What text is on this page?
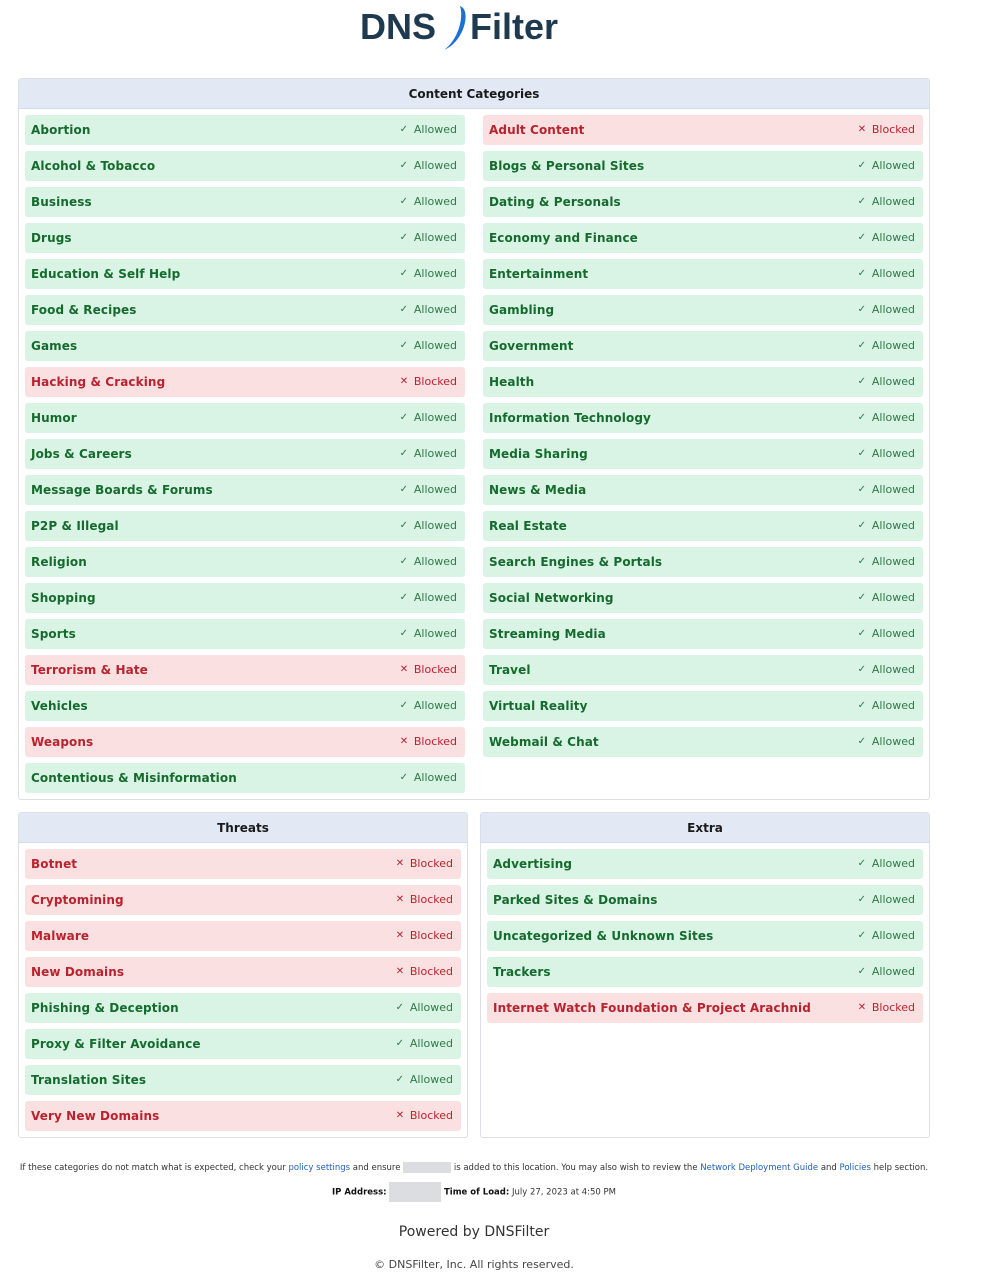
DNS Filter
Content Categories
Abortion	✓ Allowed
Alcohol & Tobacco	✓ Allowed
Business	✓ Allowed
Drugs	✓ Allowed
Education & Self Help	✓ Allowed
Food & Recipes	✓ Allowed
Games	✓ Allowed
Hacking & Cracking	✕ Blocked
Humor	✓ Allowed
Jobs & Careers	✓ Allowed
Message Boards & Forums	✓ Allowed
P2P & Illegal	✓ Allowed
Religion	✓ Allowed
Shopping	✓ Allowed
Sports	✓ Allowed
Terrorism & Hate	✕ Blocked
Vehicles	✓ Allowed
Weapons	✕ Blocked
Contentious & Misinformation	✓ Allowed
Adult Content	✕ Blocked
Blogs & Personal Sites	✓ Allowed
Dating & Personals	✓ Allowed
Economy and Finance	✓ Allowed
Entertainment	✓ Allowed
Gambling	✓ Allowed
Government	✓ Allowed
Health	✓ Allowed
Information Technology	✓ Allowed
Media Sharing	✓ Allowed
News & Media	✓ Allowed
Real Estate	✓ Allowed
Search Engines & Portals	✓ Allowed
Social Networking	✓ Allowed
Streaming Media	✓ Allowed
Travel	✓ Allowed
Virtual Reality	✓ Allowed
Webmail & Chat	✓ Allowed
Threats
Botnet	✕ Blocked
Cryptomining	✕ Blocked
Malware	✕ Blocked
New Domains	✕ Blocked
Phishing & Deception	✓ Allowed
Proxy & Filter Avoidance	✓ Allowed
Translation Sites	✓ Allowed
Very New Domains	✕ Blocked
Extra
Advertising	✓ Allowed
Parked Sites & Domains	✓ Allowed
Uncategorized & Unknown Sites	✓ Allowed
Trackers	✓ Allowed
Internet Watch Foundation & Project Arachnid	✕ Blocked
If these categories do not match what is expected, check your policy settings and ensure	is added to this location. You may also wish to review the Network Deployment Guide and Policies help section.
IP Address:	Time of Load: July 27, 2023 at 4:50 PM
Powered by DNSFilter
© DNSFilter, Inc. All rights reserved.
